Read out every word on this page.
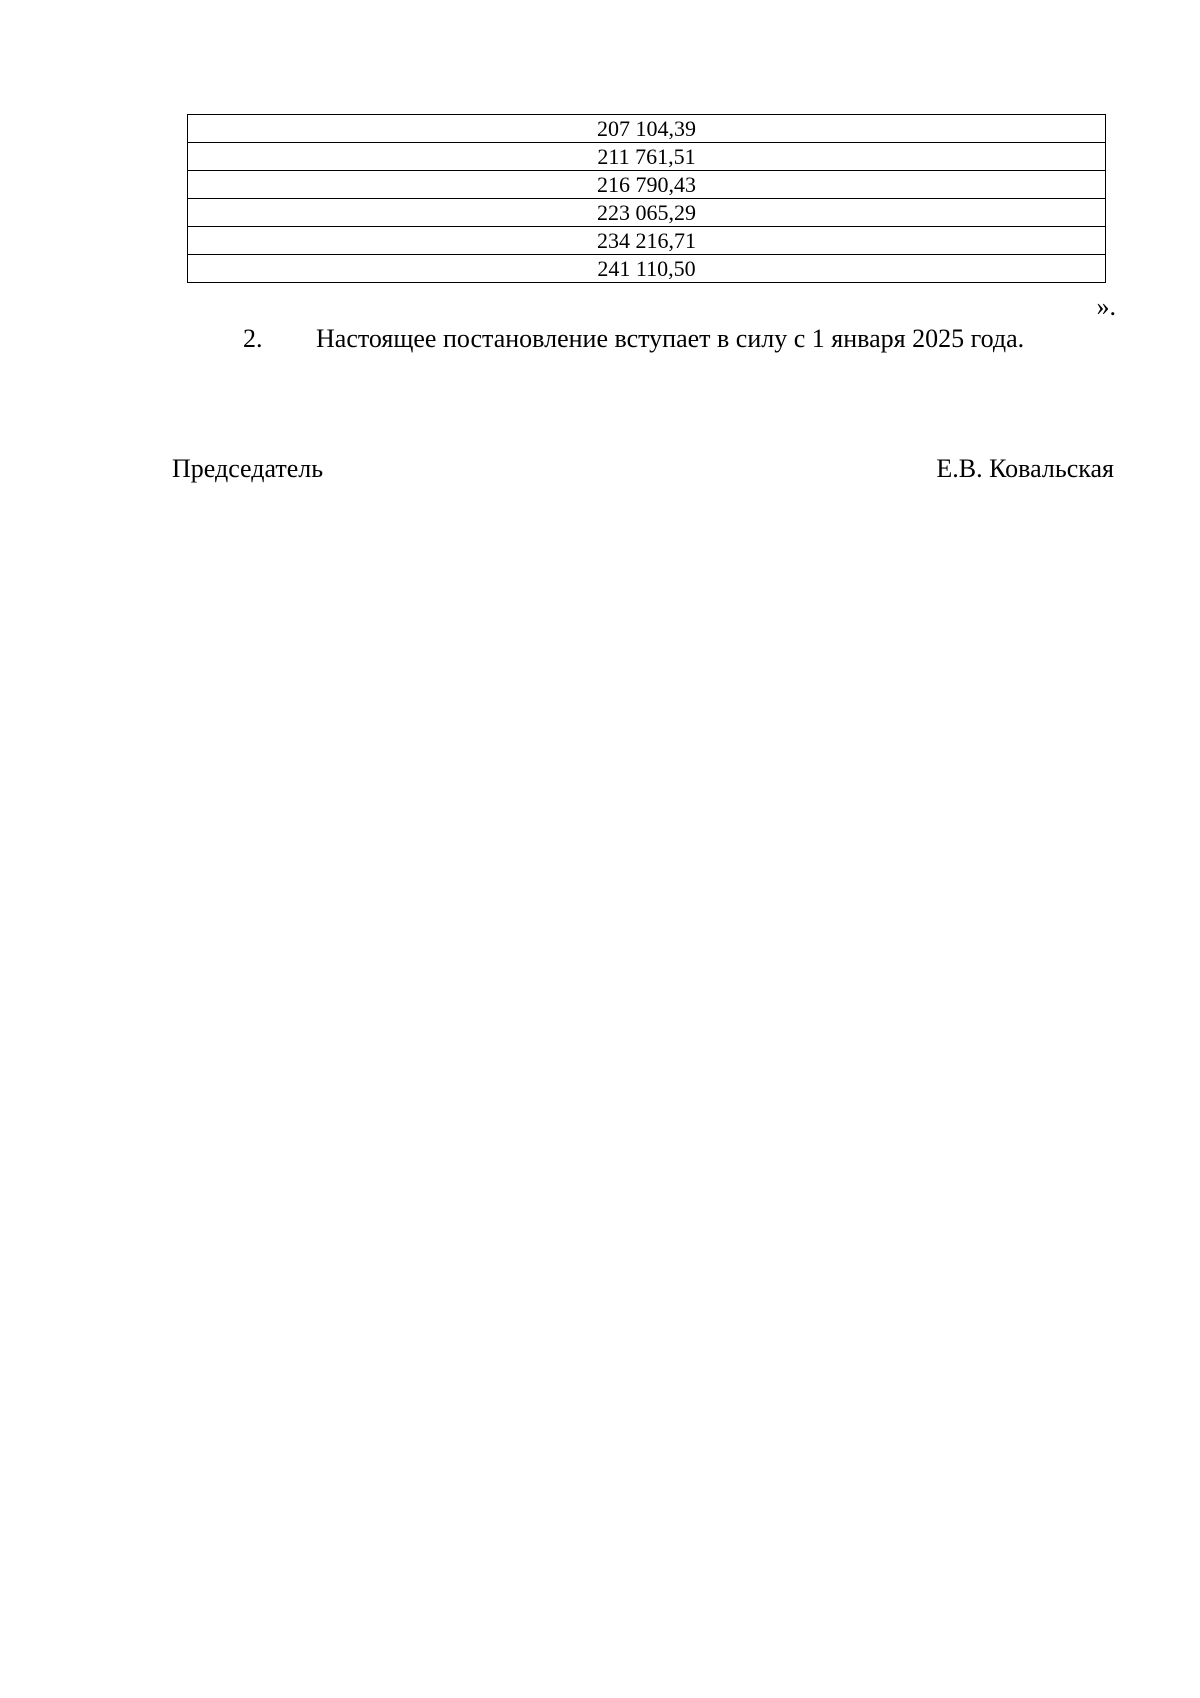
207 104,39
211 761,51
216 790,43
223 065,29
234 216,71
241 110,50
».
2. Настоящее постановление вступает в силу с 1 января 2025 года.
Председатель	Е.В. Ковальская
